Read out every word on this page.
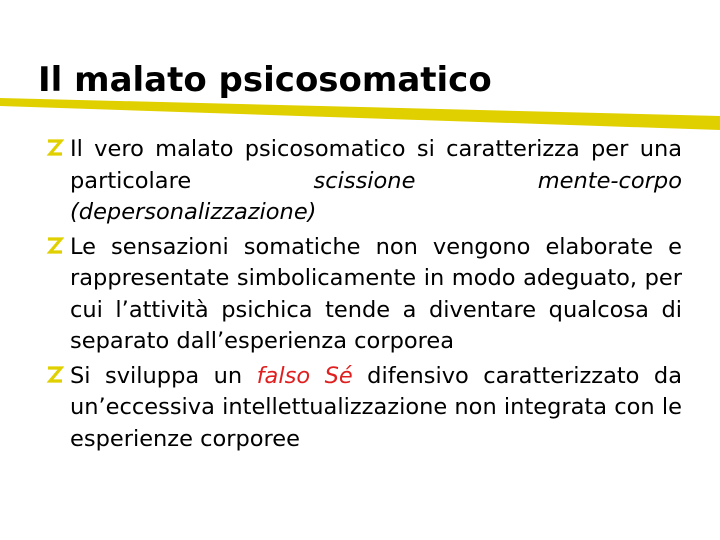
Il malato psicosomatico
Il vero malato psicosomatico si caratterizza per una particolare scissione mente-corpo (depersonalizzazione)
Le sensazioni somatiche non vengono elaborate e rappresentate simbolicamente in modo adeguato, per cui l’attività psichica tende a diventare qualcosa di separato dall’esperienza corporea
Si sviluppa un falso Sé difensivo caratterizzato da un’eccessiva intellettualizzazione non integrata con le esperienze corporee
